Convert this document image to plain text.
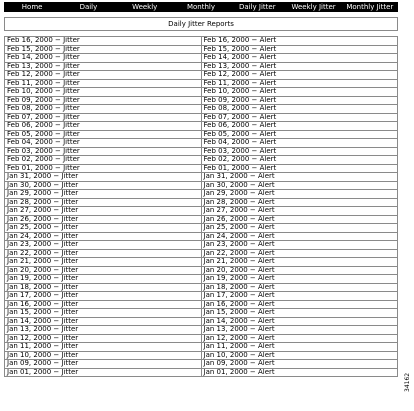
Home	Daily	Weekly	Monthly	Daily Jitter	Weekly Jitter	Monthly Jitter
Daily Jitter Reports
Feb 16, 2000 − Jitter	Feb 16, 2000 − Alert
Feb 15, 2000 − Jitter	Feb 15, 2000 − Alert
Feb 14, 2000 − Jitter	Feb 14, 2000 − Alert
Feb 13, 2000 − Jitter	Feb 13, 2000 − Alert
Feb 12, 2000 − Jitter	Feb 12, 2000 − Alert
Feb 11, 2000 − Jitter	Feb 11, 2000 − Alert
Feb 10, 2000 − Jitter	Feb 10, 2000 − Alert
Feb 09, 2000 − Jitter	Feb 09, 2000 − Alert
Feb 08, 2000 − Jitter	Feb 08, 2000 − Alert
Feb 07, 2000 − Jitter	Feb 07, 2000 − Alert
Feb 06, 2000 − Jitter	Feb 06, 2000 − Alert
Feb 05, 2000 − Jitter	Feb 05, 2000 − Alert
Feb 04, 2000 − Jitter	Feb 04, 2000 − Alert
Feb 03, 2000 − Jitter	Feb 03, 2000 − Alert
Feb 02, 2000 − Jitter	Feb 02, 2000 − Alert
Feb 01, 2000 − Jitter	Feb 01, 2000 − Alert
Jan 31, 2000 − Jitter	Jan 31, 2000 − Alert
Jan 30, 2000 − Jitter	Jan 30, 2000 − Alert
Jan 29, 2000 − Jitter	Jan 29, 2000 − Alert
Jan 28, 2000 − Jitter	Jan 28, 2000 − Alert
Jan 27, 2000 − Jitter	Jan 27, 2000 − Alert
Jan 26, 2000 − Jitter	Jan 26, 2000 − Alert
Jan 25, 2000 − Jitter	Jan 25, 2000 − Alert
Jan 24, 2000 − Jitter	Jan 24, 2000 − Alert
Jan 23, 2000 − Jitter	Jan 23, 2000 − Alert
Jan 22, 2000 − Jitter	Jan 22, 2000 − Alert
Jan 21, 2000 − Jitter	Jan 21, 2000 − Alert
Jan 20, 2000 − Jitter	Jan 20, 2000 − Alert
Jan 19, 2000 − Jitter	Jan 19, 2000 − Alert
Jan 18, 2000 − Jitter	Jan 18, 2000 − Alert
Jan 17, 2000 − Jitter	Jan 17, 2000 − Alert
Jan 16, 2000 − Jitter	Jan 16, 2000 − Alert
Jan 15, 2000 − Jitter	Jan 15, 2000 − Alert
Jan 14, 2000 − Jitter	Jan 14, 2000 − Alert
Jan 13, 2000 − Jitter	Jan 13, 2000 − Alert
Jan 12, 2000 − Jitter	Jan 12, 2000 − Alert
Jan 11, 2000 − Jitter	Jan 11, 2000 − Alert
Jan 10, 2000 − Jitter	Jan 10, 2000 − Alert
Jan 09, 2000 − Jitter	Jan 09, 2000 − Alert
Jan 01, 2000 − Jitter	Jan 01, 2000 − Alert
34162
